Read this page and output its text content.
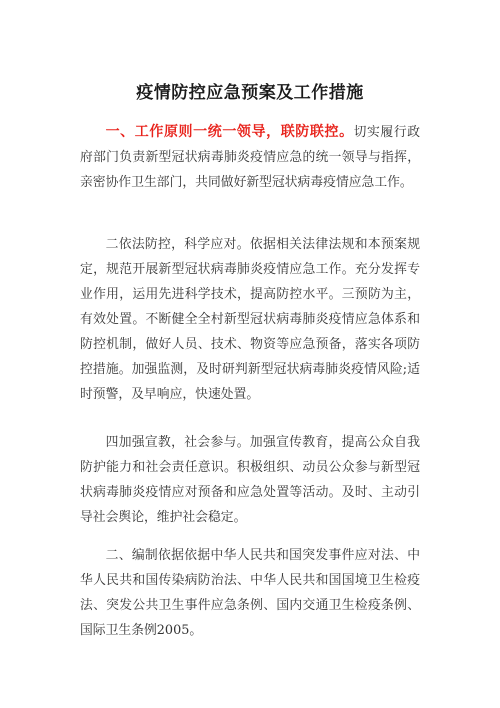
疫情防控应急预案及工作措施

一、工作原则一统一领导，联防联控。切实履行政府部门负责新型冠状病毒肺炎疫情应急的统一领导与指挥，亲密协作卫生部门，共同做好新型冠状病毒疫情应急工作。

二依法防控，科学应对。依据相关法律法规和本预案规定，规范开展新型冠状病毒肺炎疫情应急工作。充分发挥专业作用，运用先进科学技术，提高防控水平。三预防为主，有效处置。不断健全全村新型冠状病毒肺炎疫情应急体系和防控机制，做好人员、技术、物资等应急预备，落实各项防控措施。加强监测，及时研判新型冠状病毒肺炎疫情风险;适时预警，及早响应，快速处置。

四加强宣教，社会参与。加强宣传教育，提高公众自我防护能力和社会责任意识。积极组织、动员公众参与新型冠状病毒肺炎疫情应对预备和应急处置等活动。及时、主动引导社会舆论，维护社会稳定。

二、编制依据依据中华人民共和国突发事件应对法、中华人民共和国传染病防治法、中华人民共和国国境卫生检疫法、突发公共卫生事件应急条例、国内交通卫生检疫条例、国际卫生条例2005。
